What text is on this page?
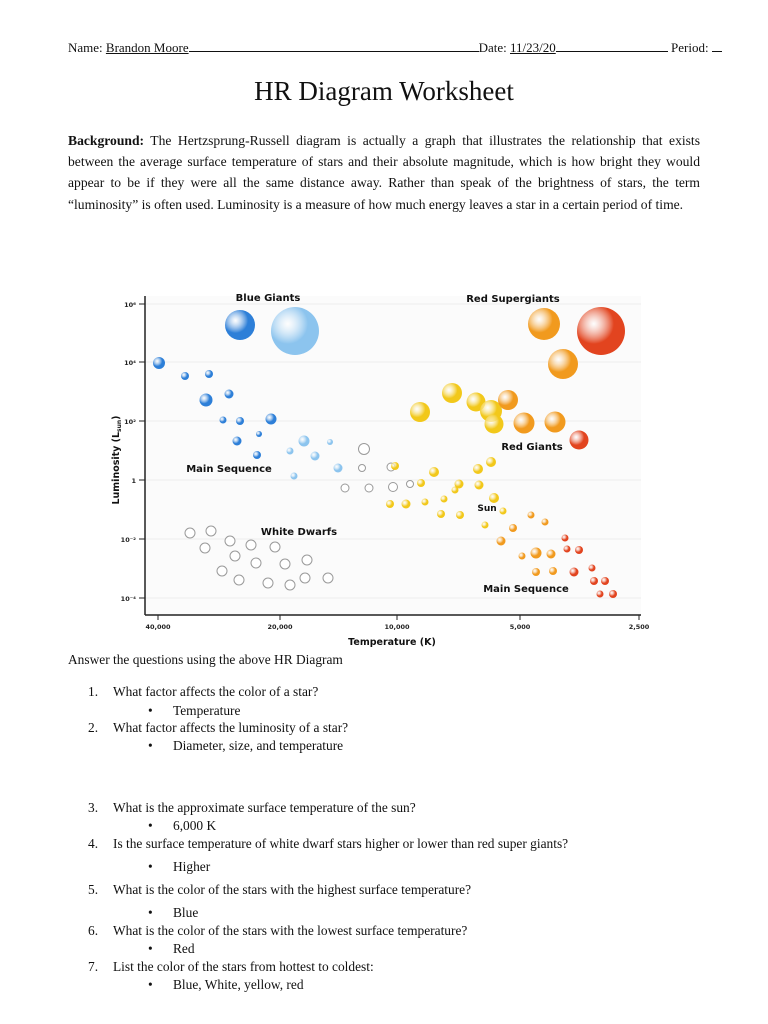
Name: Brandon Moore	Date: 11/23/20	Period:
HR Diagram Worksheet
Background: The Hertzsprung-Russell diagram is actually a graph that illustrates the relationship that exists between the average surface temperature of stars and their absolute magnitude, which is how bright they would appear to be if they were all the same distance away. Rather than speak of the brightness of stars, the term “luminosity” is often used. Luminosity is a measure of how much energy leaves a star in a certain period of time.
10⁶
10⁴
10²
1
10⁻²
10⁻⁴
40,000	20,000	10,000	5,000	2,500
Temperature (K)
Luminosity $(L_{sun})$
Blue Giants	Red Supergiants
Red Giants
Main Sequence
White Dwarfs
Sun
Main Sequence
Answer the questions using the above HR Diagram
1. What factor affects the color of a star?
• Temperature
2. What factor affects the luminosity of a star?
• Diameter, size, and temperature
3. What is the approximate surface temperature of the sun?
• 6,000 K
4. Is the surface temperature of white dwarf stars higher or lower than red super giants?
• Higher
5. What is the color of the stars with the highest surface temperature?
• Blue
6. What is the color of the stars with the lowest surface temperature?
• Red
7. List the color of the stars from hottest to coldest:
• Blue, White, yellow, red
